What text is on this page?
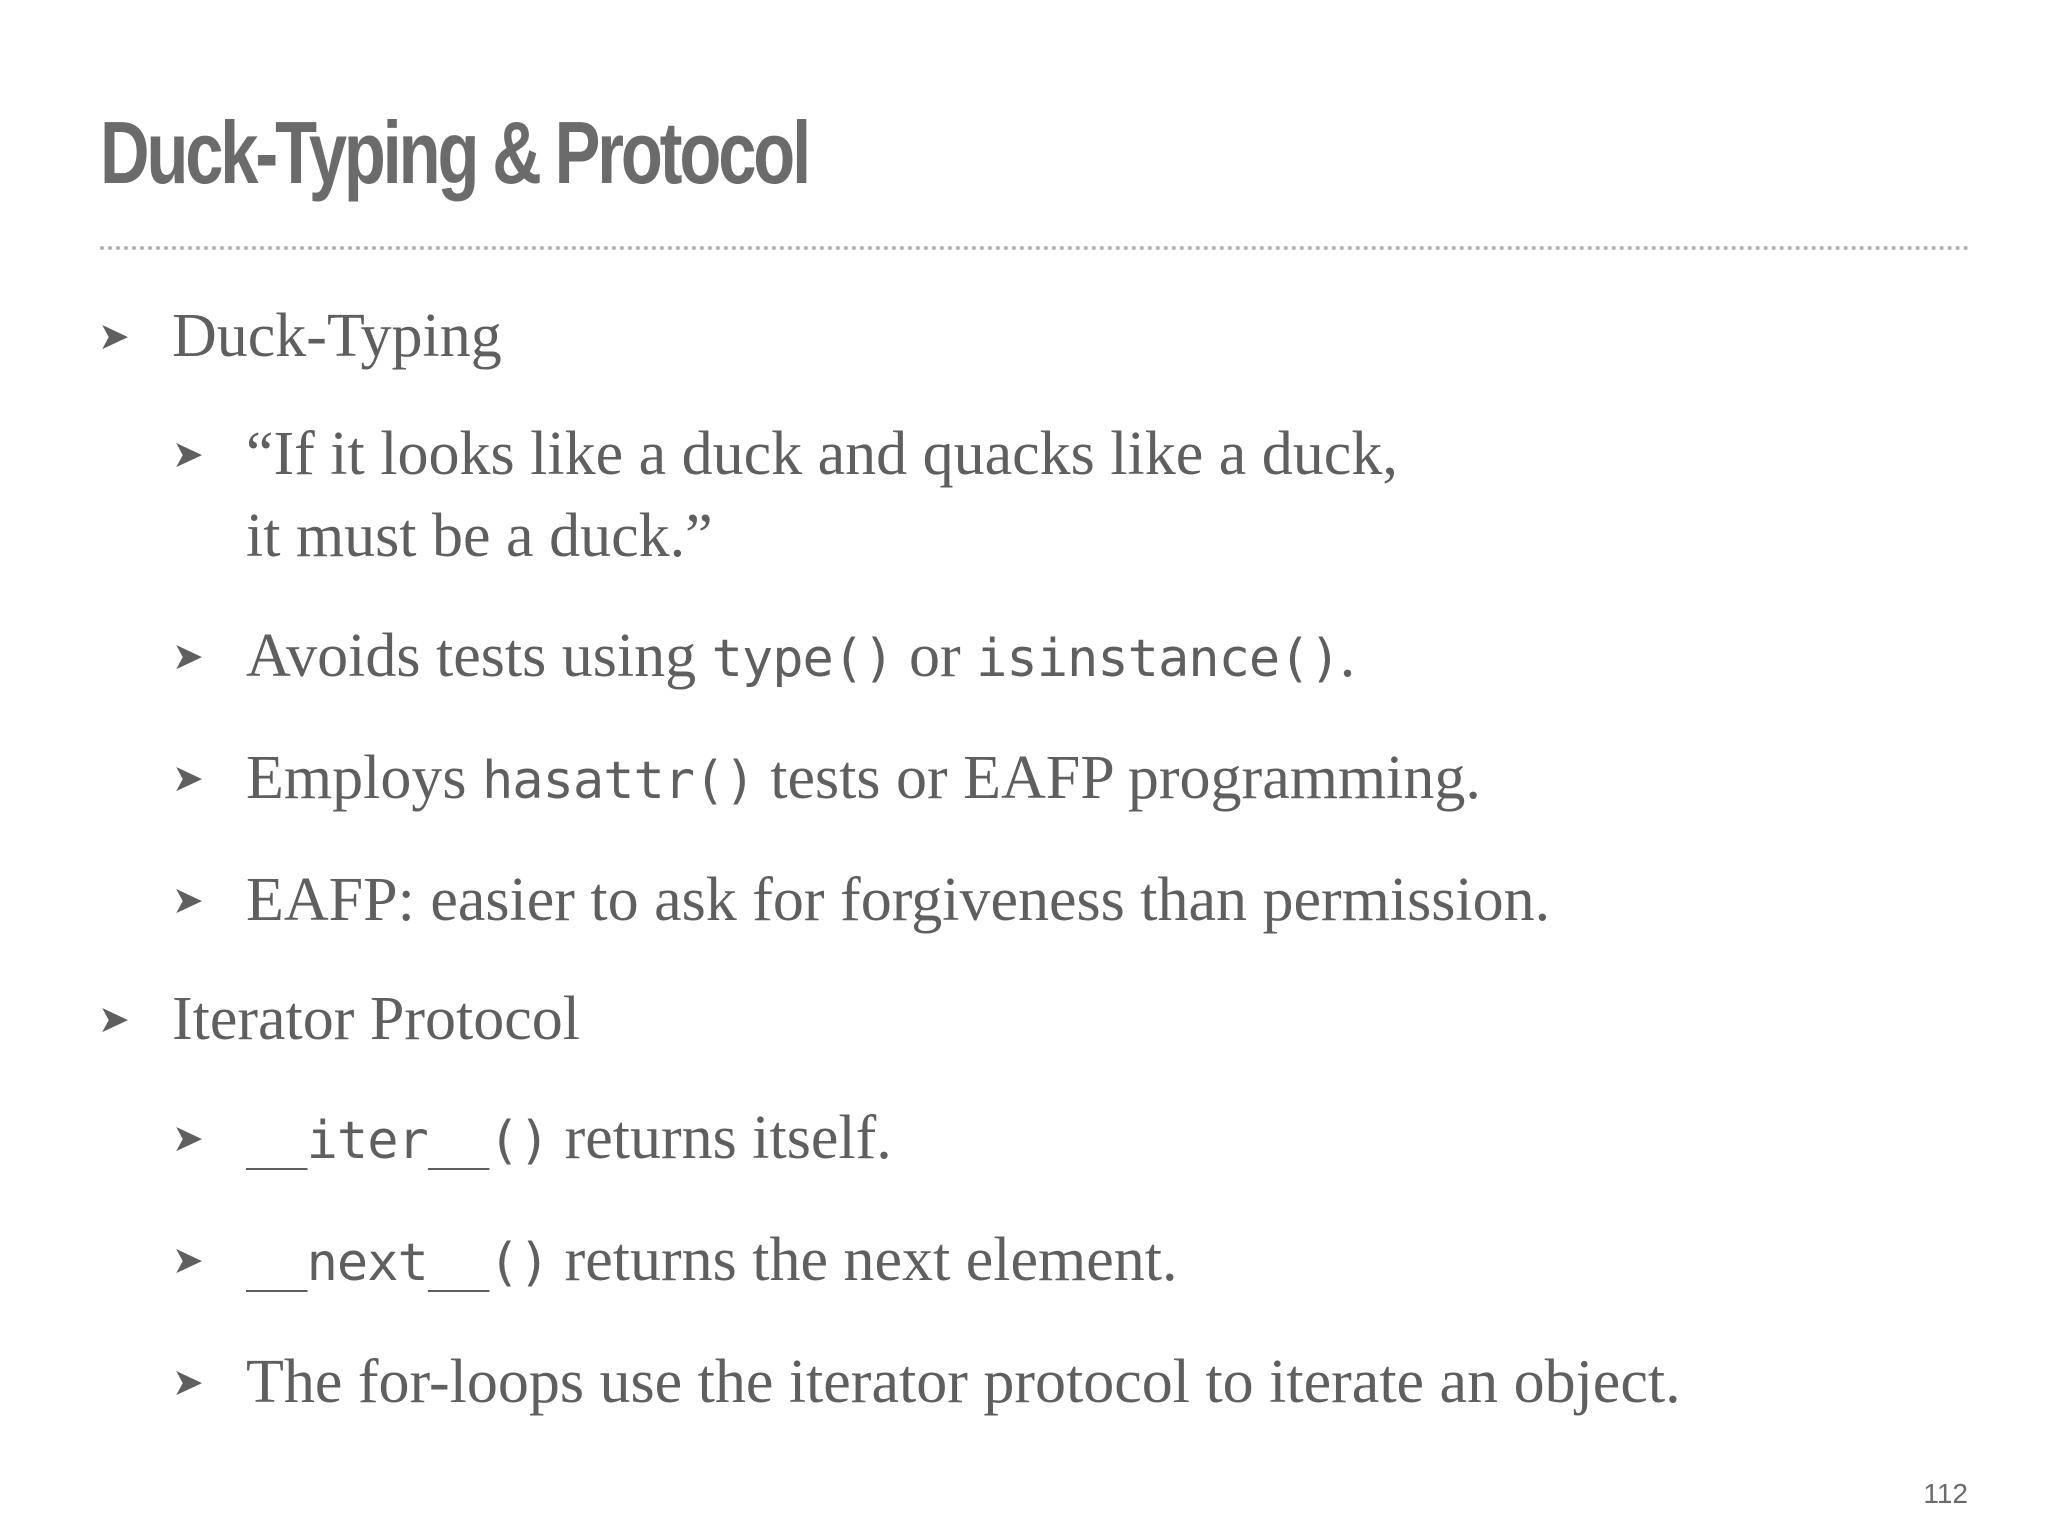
Duck-Typing & Protocol
➤ Duck-Typing
➤ “If it looks like a duck and quacks like a duck,
it must be a duck.”
➤ Avoids tests using type() or isinstance().
➤ Employs hasattr() tests or EAFP programming.
➤ EAFP: easier to ask for forgiveness than permission.
➤ Iterator Protocol
➤ __iter__() returns itself.
➤ __next__() returns the next element.
➤ The for-loops use the iterator protocol to iterate an object.
112
